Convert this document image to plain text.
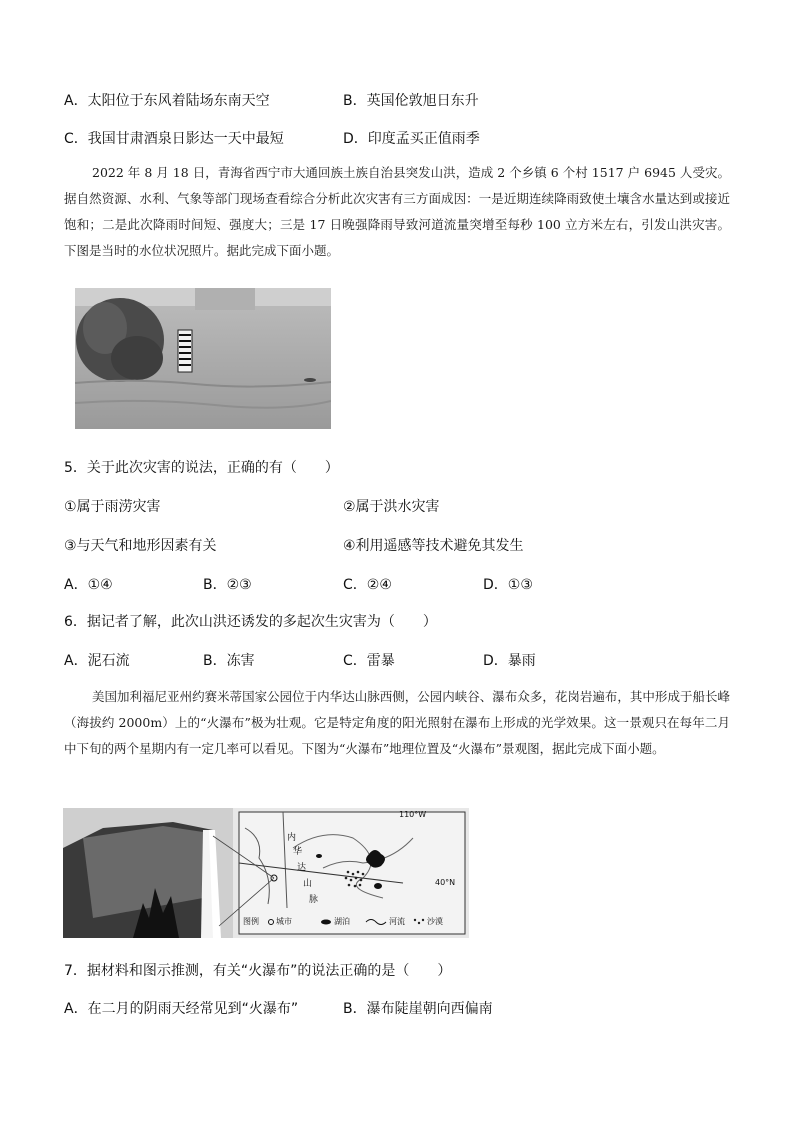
A．太阳位于东风着陆场东南天空	B．英国伦敦旭日东升
C．我国甘肃酒泉日影达一天中最短	D．印度孟买正值雨季
2022 年 8 月 18 日，青海省西宁市大通回族土族自治县突发山洪，造成 2 个乡镇 6 个村 1517 户 6945 人受灾。据自然资源、水利、气象等部门现场查看综合分析此次灾害有三方面成因：一是近期连续降雨致使土壤含水量达到或接近饱和；二是此次降雨时间短、强度大；三是 17 日晚强降雨导致河道流量突增至每秒 100 立方米左右，引发山洪灾害。下图是当时的水位状况照片。据此完成下面小题。
5．关于此次灾害的说法，正确的有（　　）
①属于雨涝灾害	②属于洪水灾害
③与天气和地形因素有关	④利用遥感等技术避免其发生
A．①④	B．②③	C．②④	D．①③
6．据记者了解，此次山洪还诱发的多起次生灾害为（　　）
A．泥石流	B．冻害	C．雷暴	D．暴雨
美国加利福尼亚州约赛米蒂国家公园位于内华达山脉西侧，公园内峡谷、瀑布众多，花岗岩遍布，其中形成于船长峰（海拔约 2000m）上的“火瀑布”极为壮观。它是特定角度的阳光照射在瀑布上形成的光学效果。这一景观只在每年二月中下旬的两个星期内有一定几率可以看见。下图为“火瀑布”地理位置及“火瀑布”景观图，据此完成下面小题。
110°W
40°N
内
华
达
山
脉
图例 城市	湖泊	河流	沙漠
7．据材料和图示推测，有关“火瀑布”的说法正确的是（　　）
A．在二月的阴雨天经常见到“火瀑布”	B．瀑布陡崖朝向西偏南
